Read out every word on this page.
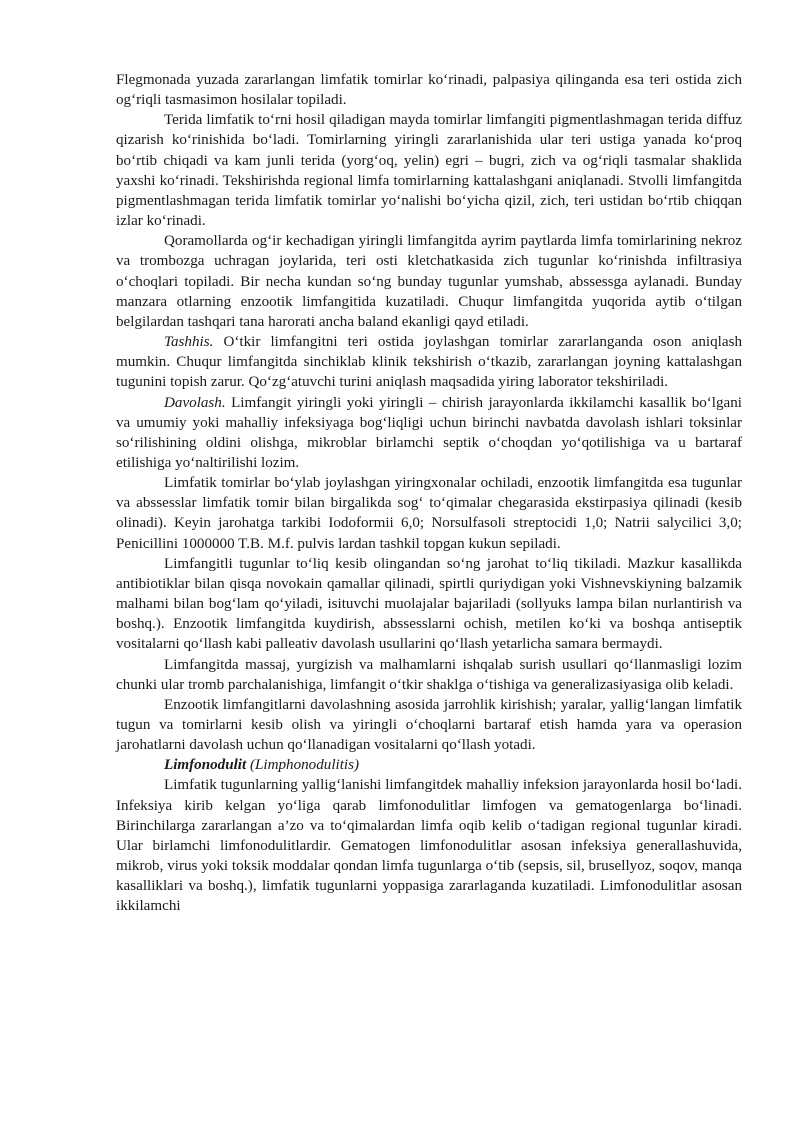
Flegmonada yuzada zararlangan limfatik tomirlar ko‘rinadi, palpasiya qilinganda esa teri ostida zich og‘riqli tasmasimon hosilalar topiladi.

Terida limfatik to‘rni hosil qiladigan mayda tomirlar limfangiti pigmentlashmagan terida diffuz qizarish ko‘rinishida bo‘ladi. Tomirlarning yiringli zararlanishida ular teri ustiga yanada ko‘proq bo‘rtib chiqadi va kam junli terida (yorg‘oq, yelin) egri – bugri, zich va og‘riqli tasmalar shaklida yaxshi ko‘rinadi. Tekshirishda regional limfa tomirlarning kattalashgani aniqlanadi. Stvolli limfangitda pigmentlashmagan terida limfatik tomirlar yo‘nalishi bo‘yicha qizil, zich, teri ustidan bo‘rtib chiqqan izlar ko‘rinadi.

Qoramollarda og‘ir kechadigan yiringli limfangitda ayrim paytlarda limfa tomirlarining nekroz va trombozga uchragan joylarida, teri osti kletchatkasida zich tugunlar ko‘rinishda infiltrasiya o‘choqlari topiladi. Bir necha kundan so‘ng bunday tugunlar yumshab, abssessga aylanadi. Bunday manzara otlarning enzootik limfangitida kuzatiladi. Chuqur limfangitda yuqorida aytib o‘tilgan belgilardan tashqari tana harorati ancha baland ekanligi qayd etiladi.

Tashhis. O‘tkir limfangitni teri ostida joylashgan tomirlar zararlanganda oson aniqlash mumkin. Chuqur limfangitda sinchiklab klinik tekshirish o‘tkazib, zararlangan joyning kattalashgan tugunini topish zarur. Qo‘zg‘atuvchi turini aniqlash maqsadida yiring laborator tekshiriladi.

Davolash. Limfangit yiringli yoki yiringli – chirish jarayonlarda ikkilamchi kasallik bo‘lgani va umumiy yoki mahalliy infeksiyaga bog‘liqligi uchun birinchi navbatda davolash ishlari toksinlar so‘rilishining oldini olishga, mikroblar birlamchi septik o‘choqdan yo‘qotilishiga va u bartaraf etilishiga yo‘naltirilishi lozim.

Limfatik tomirlar bo‘ylab joylashgan yiringxonalar ochiladi, enzootik limfangitda esa tugunlar va abssesslar limfatik tomir bilan birgalikda sog‘ to‘qimalar chegarasida ekstirpasiya qilinadi (kesib olinadi). Keyin jarohatga tarkibi Iodoformii 6,0; Norsulfasoli streptocidi 1,0; Natrii salycilici 3,0; Penicillini 1000000 T.B. M.f. pulvis lardan tashkil topgan kukun sepiladi.

Limfangitli tugunlar to‘liq kesib olingandan so‘ng jarohat to‘liq tikiladi. Mazkur kasallikda antibiotiklar bilan qisqa novokain qamallar qilinadi, spirtli quriydigan yoki Vishnevskiyning balzamik malhami bilan bog‘lam qo‘yiladi, isituvchi muolajalar bajariladi (sollyuks lampa bilan nurlantirish va boshq.). Enzootik limfangitda kuydirish, abssesslarni ochish, metilen ko‘ki va boshqa antiseptik vositalarni qo‘llash kabi palleativ davolash usullarini qo‘llash yetarlicha samara bermaydi.

Limfangitda massaj, yurgizish va malhamlarni ishqalab surish usullari qo‘llanmasligi lozim chunki ular tromb parchalanishiga, limfangit o‘tkir shaklga o‘tishiga va generalizasiyasiga olib keladi.

Enzootik limfangitlarni davolashning asosida jarrohlik kirishish; yaralar, yallig‘langan limfatik tugun va tomirlarni kesib olish va yiringli o‘choqlarni bartaraf etish hamda yara va operasion jarohatlarni davolash uchun qo‘llanadigan vositalarni qo‘llash yotadi.

Limfonodulit (Limphonodulitis)

Limfatik tugunlarning yallig‘lanishi limfangitdek mahalliy infeksion jarayonlarda hosil bo‘ladi. Infeksiya kirib kelgan yo‘liga qarab limfonodulitlar limfogen va gematogenlarga bo‘linadi. Birinchilarga zararlangan a’zo va to‘qimalardan limfa oqib kelib o‘tadigan regional tugunlar kiradi. Ular birlamchi limfonodulitlardir. Gematogen limfonodulitlar asosan infeksiya generallashuvida, mikrob, virus yoki toksik moddalar qondan limfa tugunlarga o‘tib (sepsis, sil, brusellyoz, soqov, manqa kasalliklari va boshq.), limfatik tugunlarni yoppasiga zararlaganda kuzatiladi. Limfonodulitlar asosan ikkilamchi
